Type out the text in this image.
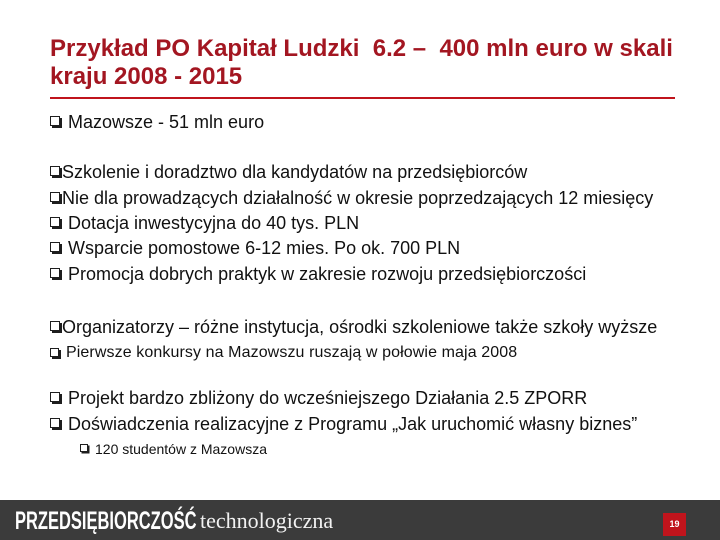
Przykład PO Kapitał Ludzki  6.2 –  400 mln euro w skali
kraju 2008 - 2015
Mazowsze - 51 mln euro
Szkolenie i doradztwo dla kandydatów na przedsiębiorców
Nie dla prowadzących działalność w okresie poprzedzających 12 miesięcy
Dotacja inwestycyjna do 40 tys. PLN
Wsparcie pomostowe 6-12 mies. Po ok. 700 PLN
Promocja dobrych praktyk w zakresie rozwoju przedsiębiorczości
Organizatorzy – różne instytucja, ośrodki szkoleniowe także szkoły wyższe
Pierwsze konkursy na Mazowszu ruszają w połowie maja 2008
Projekt bardzo zbliżony do wcześniejszego Działania 2.5 ZPORR
Doświadczenia realizacyjne z Programu „Jak uruchomić własny biznes”
120 studentów z Mazowsza
PRZEDSIĘBIORCZOŚĆ technologiczna	19
